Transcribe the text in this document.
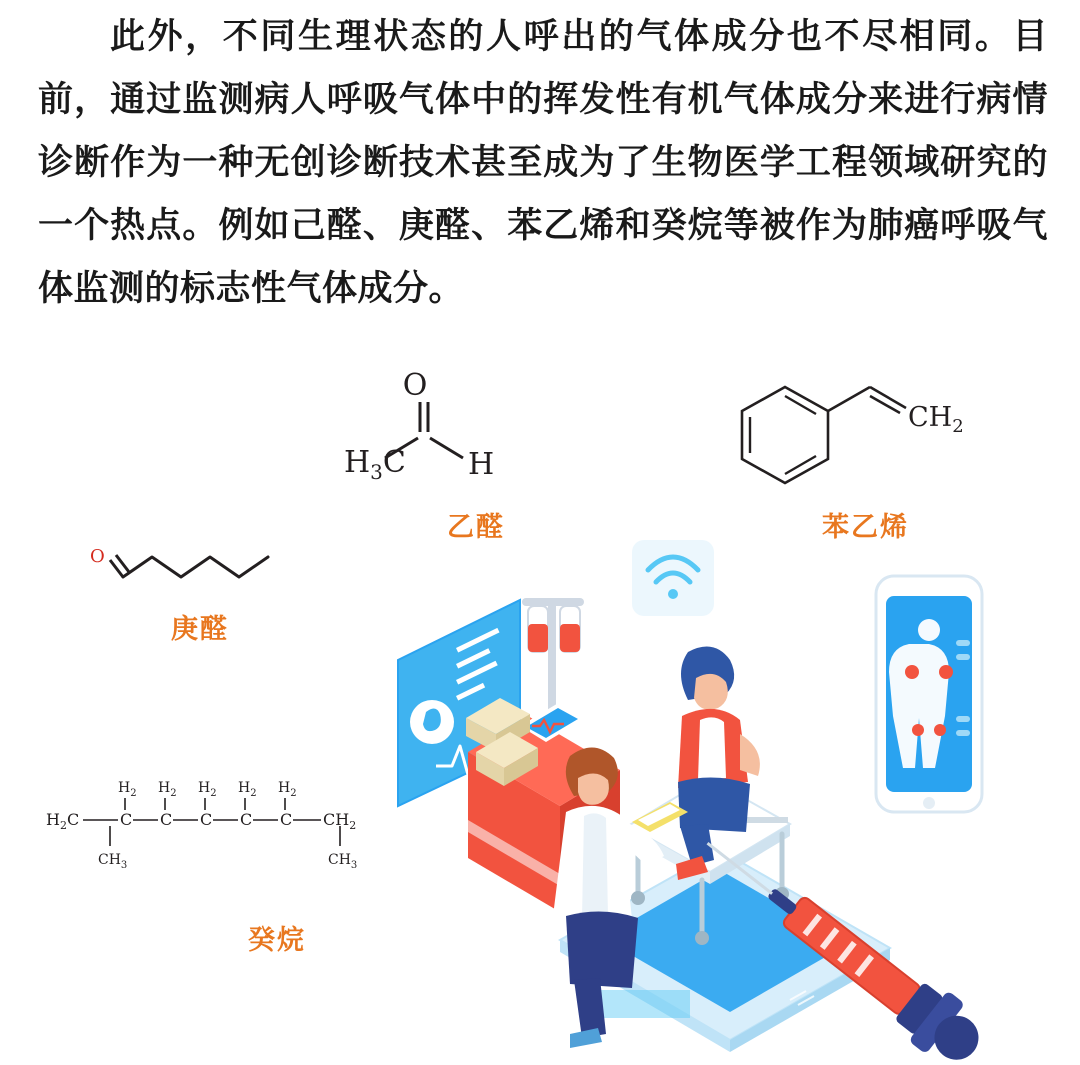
此外，不同生理状态的人呼出的气体成分也不尽相同。目前，通过监测病人呼吸气体中的挥发性有机气体成分来进行病情诊断作为一种无创诊断技术甚至成为了生物医学工程领域研究的一个热点。例如己醛、庚醛、苯乙烯和癸烷等被作为肺癌呼吸气体监测的标志性气体成分。
O
$H_3C$ H
$CH_2$
O
$H_2$ $H_2$ $H_2$ $H_2$ $H_2$
$H_2C$	C C C C C $CH_2$
$CH_3$	$CH_3$
乙醛	苯乙烯
庚醛
癸烷
